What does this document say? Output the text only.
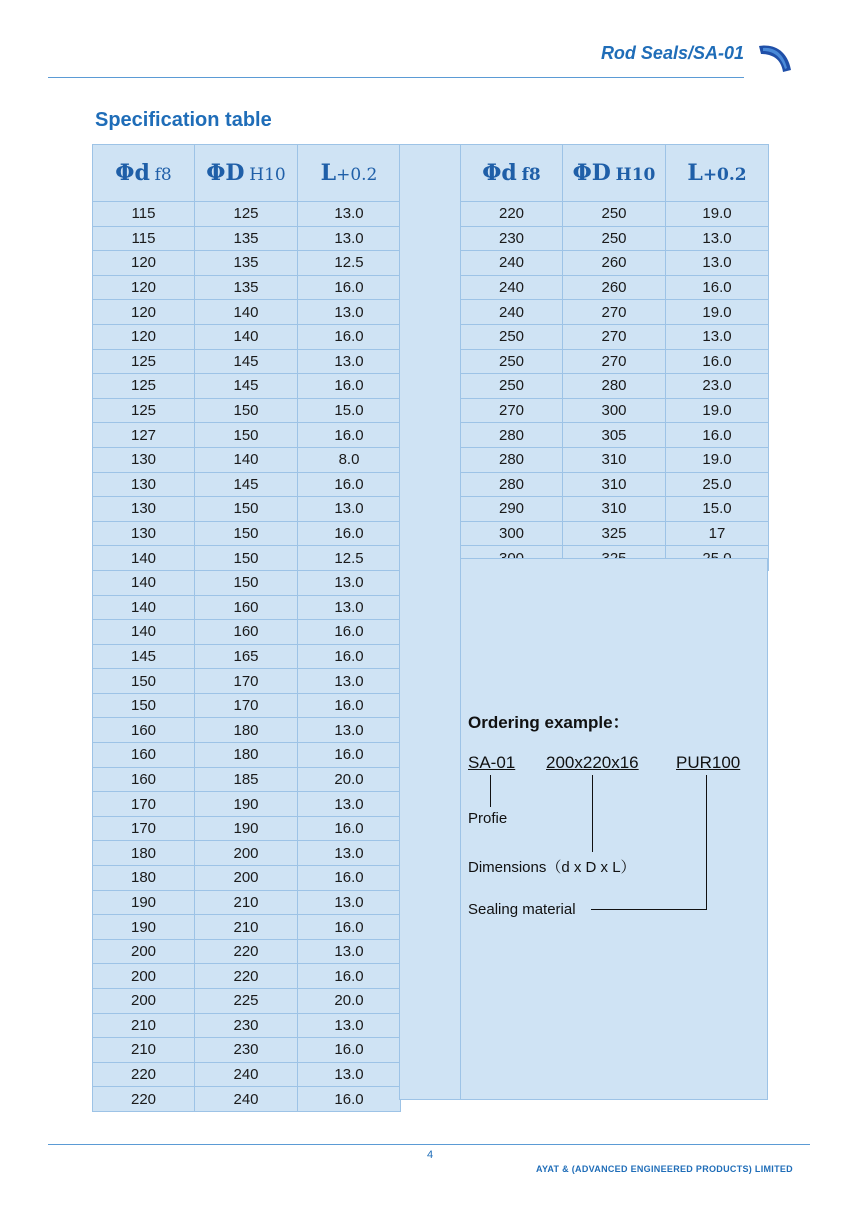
Rod Seals/SA-01
Specification table
Φd f8	ΦD H10	L+0.2
115	125	13.0
115	135	13.0
120	135	12.5
120	135	16.0
120	140	13.0
120	140	16.0
125	145	13.0
125	145	16.0
125	150	15.0
127	150	16.0
130	140	8.0
130	145	16.0
130	150	13.0
130	150	16.0
140	150	12.5
140	150	13.0
140	160	13.0
140	160	16.0
145	165	16.0
150	170	13.0
150	170	16.0
160	180	13.0
160	180	16.0
160	185	20.0
170	190	13.0
170	190	16.0
180	200	13.0
180	200	16.0
190	210	13.0
190	210	16.0
200	220	13.0
200	220	16.0
200	225	20.0
210	230	13.0
210	230	16.0
220	240	13.0
220	240	16.0
Φd f8	ΦD H10	L+0.2
220	250	19.0
230	250	13.0
240	260	13.0
240	260	16.0
240	270	19.0
250	270	13.0
250	270	16.0
250	280	23.0
270	300	19.0
280	305	16.0
280	310	19.0
280	310	25.0
290	310	15.0
300	325	17

Ordering example：
SA-01 200x220x16 PUR100
Profie
Dimensions（d x D x L）
Sealing material
4
AYAT & (ADVANCED ENGINEERED PRODUCTS) LIMITED
